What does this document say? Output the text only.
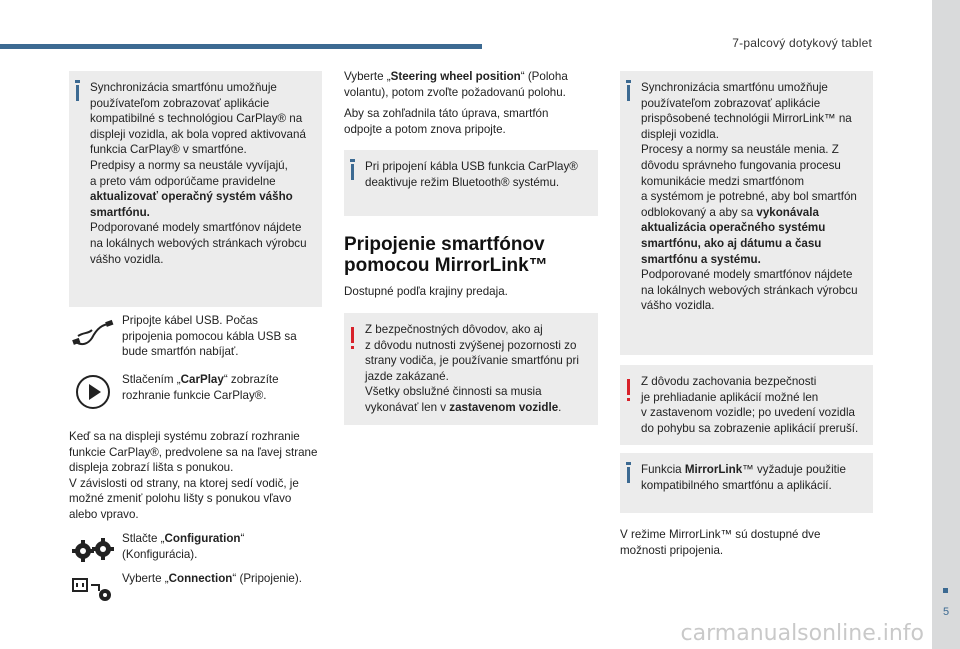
7-palcový dotykový tablet
5
Synchronizácia smartfónu umožňuje
používateľom zobrazovať aplikácie
kompatibilné s technológiou CarPlay® na
displeji vozidla, ak bola vopred aktivovaná
funkcia CarPlay® v smartfóne.
Predpisy a normy sa neustále vyvíjajú,
a preto vám odporúčame pravidelne
aktualizovať operačný systém vášho
smartfónu.
Podporované modely smartfónov nájdete
na lokálnych webových stránkach výrobcu
vášho vozidla.
Pripojte kábel USB. Počas
pripojenia pomocou kábla USB sa
bude smartfón nabíjať.
Stlačením „CarPlay“ zobrazíte
rozhranie funkcie CarPlay®.
Keď sa na displeji systému zobrazí rozhranie
funkcie CarPlay®, predvolene sa na ľavej strane
displeja zobrazí lišta s ponukou.
V závislosti od strany, na ktorej sedí vodič, je
možné zmeniť polohu lišty s ponukou vľavo
alebo vpravo.
Stlačte „Configuration“
(Konfigurácia).
Vyberte „Connection“ (Pripojenie).
Vyberte „Steering wheel position“ (Poloha
volantu), potom zvoľte požadovanú polohu.
Aby sa zohľadnila táto úprava, smartfón
odpojte a potom znova pripojte.
Pri pripojení kábla USB funkcia CarPlay®
deaktivuje režim Bluetooth® systému.
Pripojenie smartfónov
pomocou MirrorLink™
Dostupné podľa krajiny predaja.
Z bezpečnostných dôvodov, ako aj
z dôvodu nutnosti zvýšenej pozornosti zo
strany vodiča, je používanie smartfónu pri
jazde zakázané.
Všetky obslužné činnosti sa musia
vykonávať len v zastavenom vozidle.
Synchronizácia smartfónu umožňuje
používateľom zobrazovať aplikácie
prispôsobené technológii MirrorLink™ na
displeji vozidla.
Procesy a normy sa neustále menia. Z
dôvodu správneho fungovania procesu
komunikácie medzi smartfónom
a systémom je potrebné, aby bol smartfón
odblokovaný a aby sa vykonávala
aktualizácia operačného systému
smartfónu, ako aj dátumu a času
smartfónu a systému.
Podporované modely smartfónov nájdete
na lokálnych webových stránkach výrobcu
vášho vozidla.
Z dôvodu zachovania bezpečnosti
je prehliadanie aplikácií možné len
v zastavenom vozidle; po uvedení vozidla
do pohybu sa zobrazenie aplikácií preruší.
Funkcia MirrorLink™ vyžaduje použitie
kompatibilného smartfónu a aplikácií.
V režime MirrorLink™ sú dostupné dve
možnosti pripojenia.
carmanualsonline.info
